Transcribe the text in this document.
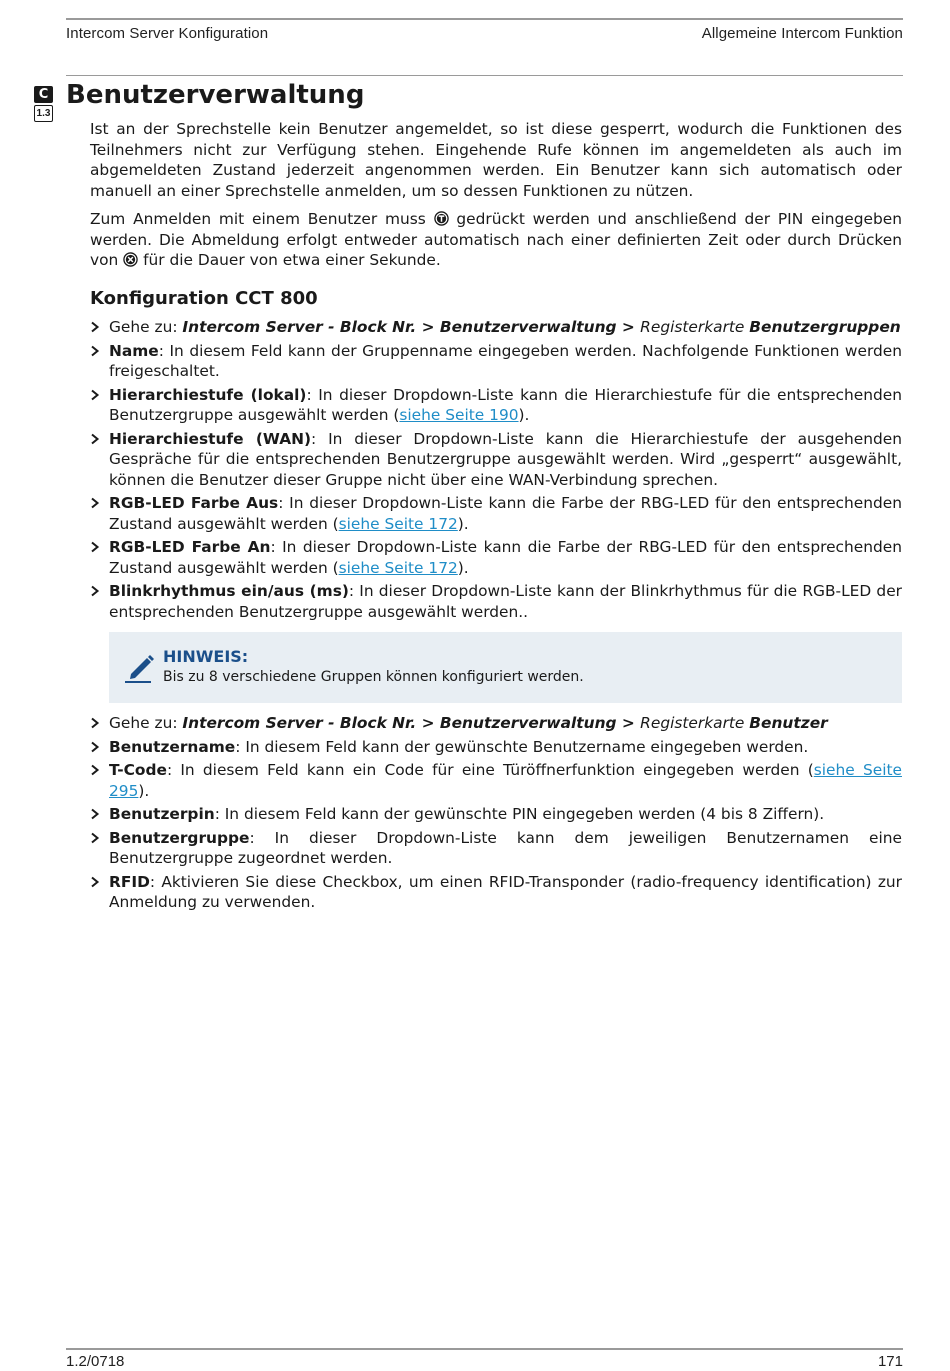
Intercom Server Konfiguration	Allgemeine Intercom Funktion
C
1.3
Benutzerverwaltung

Ist an der Sprechstelle kein Benutzer angemeldet, so ist diese gesperrt, wodurch die Funktionen des Teilnehmers nicht zur Verfügung stehen. Eingehende Rufe können im angemeldeten als auch im abgemeldeten Zustand jederzeit angenommen werden. Ein Benutzer kann sich automatisch oder manuell an einer Sprechstelle anmelden, um so dessen Funktionen zu nützen.

Zum Anmelden mit einem Benutzer muss gedrückt werden und anschließend der PIN eingegeben werden. Die Abmeldung erfolgt entweder automatisch nach einer definierten Zeit oder durch Drücken von für die Dauer von etwa einer Sekunde.

Konfiguration CCT 800
Gehe zu: Intercom Server - Block Nr. > Benutzerverwaltung > Registerkarte Benutzergruppen
Name: In diesem Feld kann der Gruppenname eingegeben werden. Nachfolgende Funktionen werden freigeschaltet.
Hierarchiestufe (lokal): In dieser Dropdown-Liste kann die Hierarchiestufe für die entsprechenden Benutzergruppe ausgewählt werden (siehe Seite 190).
Hierarchiestufe (WAN): In dieser Dropdown-Liste kann die Hierarchiestufe der ausgehenden Gespräche für die entsprechenden Benutzergruppe ausgewählt werden. Wird „gesperrt“ ausgewählt, können die Benutzer dieser Gruppe nicht über eine WAN-Verbindung sprechen.
RGB-LED Farbe Aus: In dieser Dropdown-Liste kann die Farbe der RBG-LED für den entsprechenden Zustand ausgewählt werden (siehe Seite 172).
RGB-LED Farbe An: In dieser Dropdown-Liste kann die Farbe der RBG-LED für den entsprechenden Zustand ausgewählt werden (siehe Seite 172).
Blinkrhythmus ein/aus (ms): In dieser Dropdown-Liste kann der Blinkrhythmus für die RGB-LED der entsprechenden Benutzergruppe ausgewählt werden..
HINWEIS:
Bis zu 8 verschiedene Gruppen können konfiguriert werden.
Gehe zu: Intercom Server - Block Nr. > Benutzerverwaltung > Registerkarte Benutzer
Benutzername: In diesem Feld kann der gewünschte Benutzername eingegeben werden.
T-Code: In diesem Feld kann ein Code für eine Türöffnerfunktion eingegeben werden (siehe Seite 295).
Benutzerpin: In diesem Feld kann der gewünschte PIN eingegeben werden (4 bis 8 Ziffern).
Benutzergruppe: In dieser Dropdown-Liste kann dem jeweiligen Benutzernamen eine Benutzergruppe zugeordnet werden.
RFID: Aktivieren Sie diese Checkbox, um einen RFID-Transponder (radio-frequency identification) zur Anmeldung zu verwenden.
1.2/0718	171
